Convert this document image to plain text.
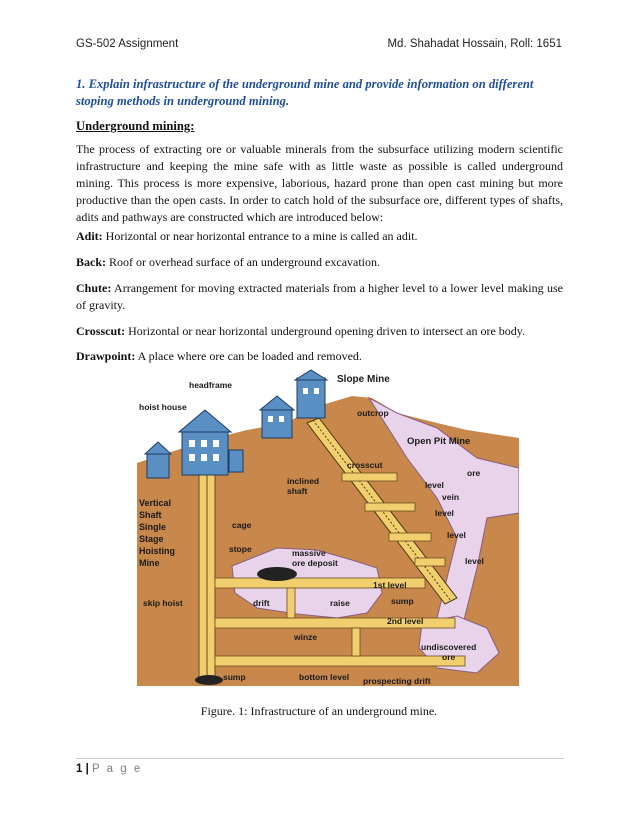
GS-502 Assignment	Md. Shahadat Hossain, Roll: 1651
1. Explain infrastructure of the underground mine and provide information on different stoping methods in underground mining.
Underground mining:
The process of extracting ore or valuable minerals from the subsurface utilizing modern scientific infrastructure and keeping the mine safe with as little waste as possible is called underground mining. This process is more expensive, laborious, hazard prone than open cast mining but more productive than the open casts. In order to catch hold of the subsurface ore, different types of shafts, adits and pathways are constructed which are introduced below:
Adit: Horizontal or near horizontal entrance to a mine is called an adit.
Back: Roof or overhead surface of an underground excavation.
Chute: Arrangement for moving extracted materials from a higher level to a lower level making use of gravity.
Crosscut: Horizontal or near horizontal underground opening driven to intersect an ore body.
Drawpoint: A place where ore can be loaded and removed.
headframe
hoist house
Slope Mine
outcrop
Open Pit Mine
ore
crosscut
inclined
shaft
level
vein
level
level
level
Vertical
Shaft
Single
Stage
Hoisting
Mine
cage
stope	massive
ore deposit
1st level
sump
skip hoist	drift	raise
2nd level
winze
undiscovered
ore
sump	bottom level prospecting drift
Figure. 1: Infrastructure of an underground mine.
1 | P a g e
